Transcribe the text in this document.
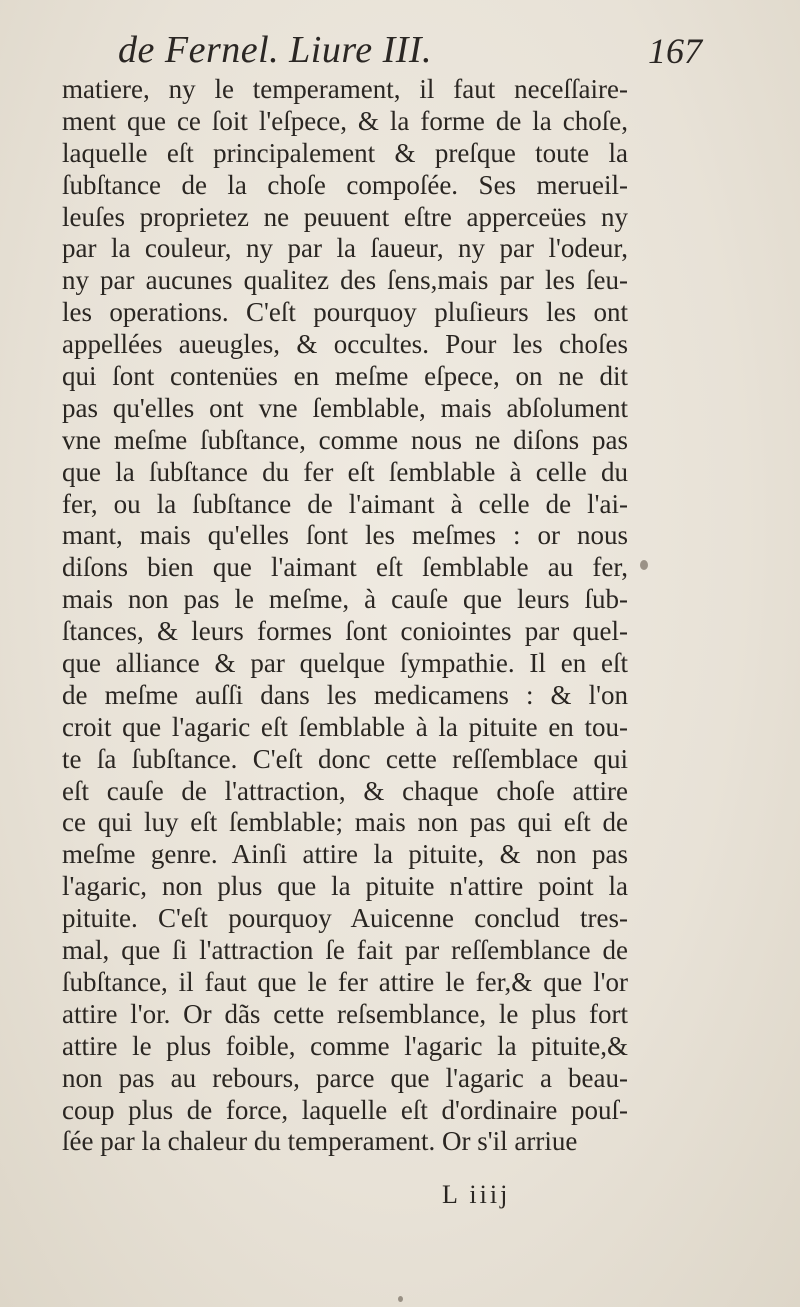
de Fernel. Liure III.	167
matiere, ny le temperament, il faut neceſſaire-
ment que ce ſoit l'eſpece, & la forme de la choſe,
laquelle eſt principalement & preſque toute la
ſubſtance de la choſe compoſée. Ses merueil-
leuſes proprietez ne peuuent eſtre apperceües ny
par la couleur, ny par la ſaueur, ny par l'odeur,
ny par aucunes qualitez des ſens,mais par les ſeu-
les operations. C'eſt pourquoy pluſieurs les ont
appellées aueugles, & occultes. Pour les choſes
qui ſont contenües en meſme eſpece, on ne dit
pas qu'elles ont vne ſemblable, mais abſolument
vne meſme ſubſtance, comme nous ne diſons pas
que la ſubſtance du fer eſt ſemblable à celle du
fer, ou la ſubſtance de l'aimant à celle de l'ai-
mant, mais qu'elles ſont les meſmes : or nous
diſons bien que l'aimant eſt ſemblable au fer,
mais non pas le meſme, à cauſe que leurs ſub-
ſtances, & leurs formes ſont coniointes par quel-
que alliance & par quelque ſympathie. Il en eſt
de meſme auſſi dans les medicamens : & l'on
croit que l'agaric eſt ſemblable à la pituite en tou-
te ſa ſubſtance. C'eſt donc cette reſſemblace qui
eſt cauſe de l'attraction, & chaque choſe attire
ce qui luy eſt ſemblable; mais non pas qui eſt de
meſme genre. Ainſi attire la pituite, & non pas
l'agaric, non plus que la pituite n'attire point la
pituite. C'eſt pourquoy Auicenne conclud tres-
mal, que ſi l'attraction ſe fait par reſſemblance de
ſubſtance, il faut que le fer attire le fer,& que l'or
attire l'or. Or dãs cette reſsemblance, le plus fort
attire le plus foible, comme l'agaric la pituite,&
non pas au rebours, parce que l'agaric a beau-
coup plus de force, laquelle eſt d'ordinaire pouſ-
ſée par la chaleur du temperament. Or s'il arriue
L iiij
